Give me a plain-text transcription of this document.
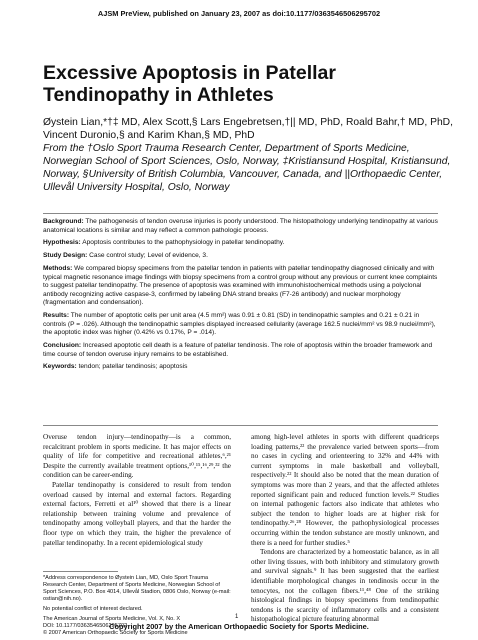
AJSM PreView, published on January 23, 2007 as doi:10.1177/0363546506295702
Excessive Apoptosis in Patellar
Tendinopathy in Athletes
Øystein Lian,*†‡ MD, Alex Scott,§ Lars Engebretsen,†|| MD, PhD, Roald Bahr,† MD, PhD,
Vincent Duronio,§ and Karim Khan,§ MD, PhD
From the †Oslo Sport Trauma Research Center, Department of Sports Medicine,
Norwegian School of Sport Sciences, Oslo, Norway, ‡Kristiansund Hospital, Kristiansund,
Norway, §University of British Columbia, Vancouver, Canada, and ||Orthopaedic Center,
Ullevål University Hospital, Oslo, Norway

Background: The pathogenesis of tendon overuse injuries is poorly understood. The histopathology underlying tendinopathy at various anatomical locations is similar and may reflect a common pathologic process.

Hypothesis: Apoptosis contributes to the pathophysiology in patellar tendinopathy.

Study Design: Case control study; Level of evidence, 3.

Methods: We compared biopsy specimens from the patellar tendon in patients with patellar tendinopathy diagnosed clinically and with typical magnetic resonance image findings with biopsy specimens from a control group without any previous or current knee complaints to suggest patellar tendinopathy. The presence of apoptosis was examined with immunohistochemical methods using a polyclonal antibody recognizing active caspase-3, confirmed by labeling DNA strand breaks (F7-26 antibody) and nuclear morphology (fragmentation and condensation).

Results: The number of apoptotic cells per unit area (4.5 mm²) was 0.91 ± 0.81 (SD) in tendinopathic samples and 0.21 ± 0.21 in controls (P = .026). Although the tendinopathic samples displayed increased cellularity (average 162.5 nuclei/mm² vs 98.9 nuclei/mm²), the apoptotic index was higher (0.42% vs 0.17%, P = .014).

Conclusion: Increased apoptotic cell death is a feature of patellar tendinosis. The role of apoptosis within the broader framework and time course of tendon overuse injury remains to be established.

Keywords: tendon; patellar tendinosis; apoptosis

Overuse tendon injury—tendinopathy—is a common, recalcitrant problem in sports medicine. It has major effects on quality of life for competitive and recreational athletes,⁶,²¹ Despite the currently available treatment options,¹⁰,¹⁵,¹⁶,²⁹,³² the condition can be career-ending.

Patellar tendinopathy is considered to result from tendon overload caused by internal and external factors. Regarding external factors, Ferretti et al¹⁰ showed that there is a linear relationship between training volume and prevalence of tendinopathy among volleyball players, and that the harder the floor type on which they train, the higher the prevalence of patellar tendinopathy. In a recent epidemiological study

among high-level athletes in sports with different quadriceps loading patterns,²² the prevalence varied between sports—from no cases in cycling and orienteering to 32% and 44% with current symptoms in male basketball and volleyball, respectively.²² It should also be noted that the mean duration of symptoms was more than 2 years, and that the affected athletes reported significant pain and reduced function levels.²² Studies on internal pathogenic factors also indicate that athletes who subject the tendon to higher loads are at higher risk for tendinopathy.²⁶,²⁸ However, the pathophysiological processes occurring within the tendon substance are mostly unknown, and there is a need for further studies.⁵

Tendons are characterized by a homeostatic balance, as in all other living tissues, with both inhibitory and stimulatory growth and survival signals.⁹ It has been suggested that the earliest identifiable morphological changes in tendinosis occur in the tenocytes, not the collagen fibers.¹¹,⁴⁸ One of the striking histological findings in biopsy specimens from tendinopathic tendons is the scarcity of inflammatory cells and a consistent histopathological picture featuring abnormal

*Address correspondence to Øystein Lian, MD, Oslo Sport Trauma Research Center, Department of Sports Medicine, Norwegian School of Sport Sciences, P.O. Box 4014, Ullevål Stadion, 0806 Oslo, Norway (e-mail: ostian@nih.no).

No potential conflict of interest declared.

The American Journal of Sports Medicine, Vol. X, No. X

DOI: 10.1177/0363546506295702

© 2007 American Orthopaedic Society for Sports Medicine

Copyright 2007 by the American Orthopaedic Society for Sports Medicine.
1
